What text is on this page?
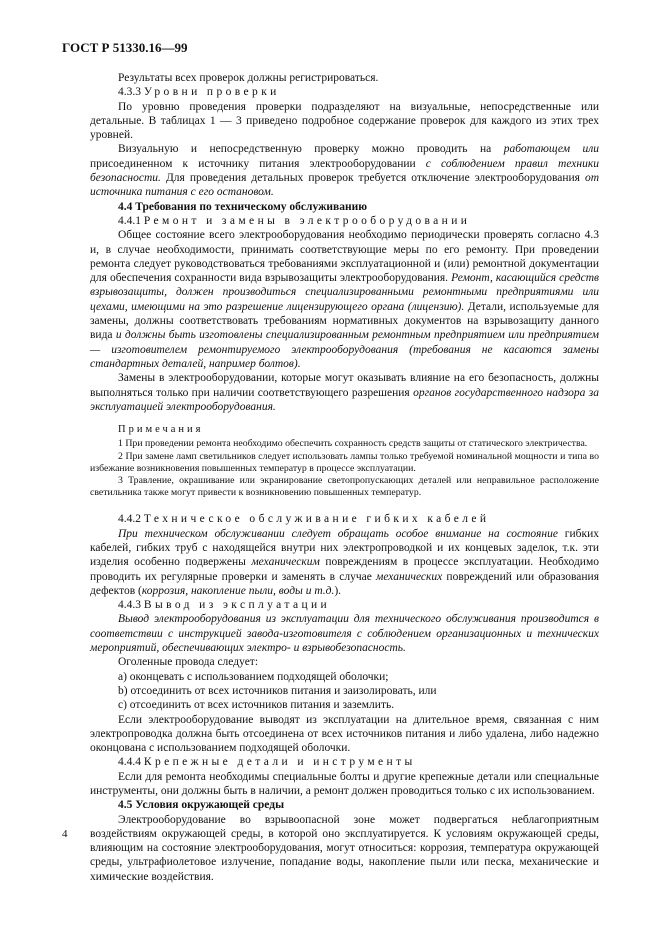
ГОСТ Р 51330.16—99

Результаты всех проверок должны регистрироваться.

4.3.3 Уровни проверки

По уровню проведения проверки подразделяют на визуальные, непосредственные или детальные. В таблицах 1 — 3 приведено подробное содержание проверок для каждого из этих трех уровней.

Визуальную и непосредственную проверку можно проводить на работающем или присоединенном к источнику питания электрооборудовании с соблюдением правил техники безопасности. Для проведения детальных проверок требуется отключение электрооборудования от источника питания с его остановом.

4.4 Требования по техническому обслуживанию

4.4.1 Ремонт и замены в электрооборудовании

Общее состояние всего электрооборудования необходимо периодически проверять согласно 4.3 и, в случае необходимости, принимать соответствующие меры по его ремонту. При проведении ремонта следует руководствоваться требованиями эксплуатационной и (или) ремонтной документации для обеспечения сохранности вида взрывозащиты электрооборудования. Ремонт, касающийся средств взрывозащиты, должен производиться специализированными ремонтными предприятиями или цехами, имеющими на это разрешение лицензирующего органа (лицензию). Детали, используемые для замены, должны соответствовать требованиям нормативных документов на взрывозащиту данного вида и должны быть изготовлены специализированным ремонтным предприятием или предприятием — изготовителем ремонтируемого электрооборудования (требования не касаются замены стандартных деталей, например болтов).

Замены в электрооборудовании, которые могут оказывать влияние на его безопасность, должны выполняться только при наличии соответствующего разрешения органов государственного надзора за эксплуатацией электрооборудования.

Примечания

1 При проведении ремонта необходимо обеспечить сохранность средств защиты от статического электричества.

2 При замене ламп светильников следует использовать лампы только требуемой номинальной мощности и типа во избежание возникновения повышенных температур в процессе эксплуатации.

3 Травление, окрашивание или экранирование светопропускающих деталей или неправильное расположение светильника также могут привести к возникновению повышенных температур.

4.4.2 Техническое обслуживание гибких кабелей

При техническом обслуживании следует обращать особое внимание на состояние гибких кабелей, гибких труб с находящейся внутри них электропроводкой и их концевых заделок, т.к. эти изделия особенно подвержены механическим повреждениям в процессе эксплуатации. Необходимо проводить их регулярные проверки и заменять в случае механических повреждений или образования дефектов (коррозия, накопление пыли, воды и т.д.).

4.4.3 Вывод из эксплуатации

Вывод электрооборудования из эксплуатации для технического обслуживания производится в соответствии с инструкцией завода-изготовителя с соблюдением организационных и технических мероприятий, обеспечивающих электро- и взрывобезопасность.

Оголенные провода следует:

а) оконцевать с использованием подходящей оболочки;

b) отсоединить от всех источников питания и заизолировать, или

с) отсоединить от всех источников питания и заземлить.

Если электрооборудование выводят из эксплуатации на длительное время, связанная с ним электропроводка должна быть отсоединена от всех источников питания и либо удалена, либо надежно оконцована с использованием подходящей оболочки.

4.4.4 Крепежные детали и инструменты

Если для ремонта необходимы специальные болты и другие крепежные детали или специальные инструменты, они должны быть в наличии, а ремонт должен проводиться только с их использованием.

4.5 Условия окружающей среды

Электрооборудование во взрывоопасной зоне может подвергаться неблагоприятным воздействиям окружающей среды, в которой оно эксплуатируется. К условиям окружающей среды, влияющим на состояние электрооборудования, могут относиться: коррозия, температура окружающей среды, ультрафиолетовое излучение, попадание воды, накопление пыли или песка, механические и химические воздействия.

4
